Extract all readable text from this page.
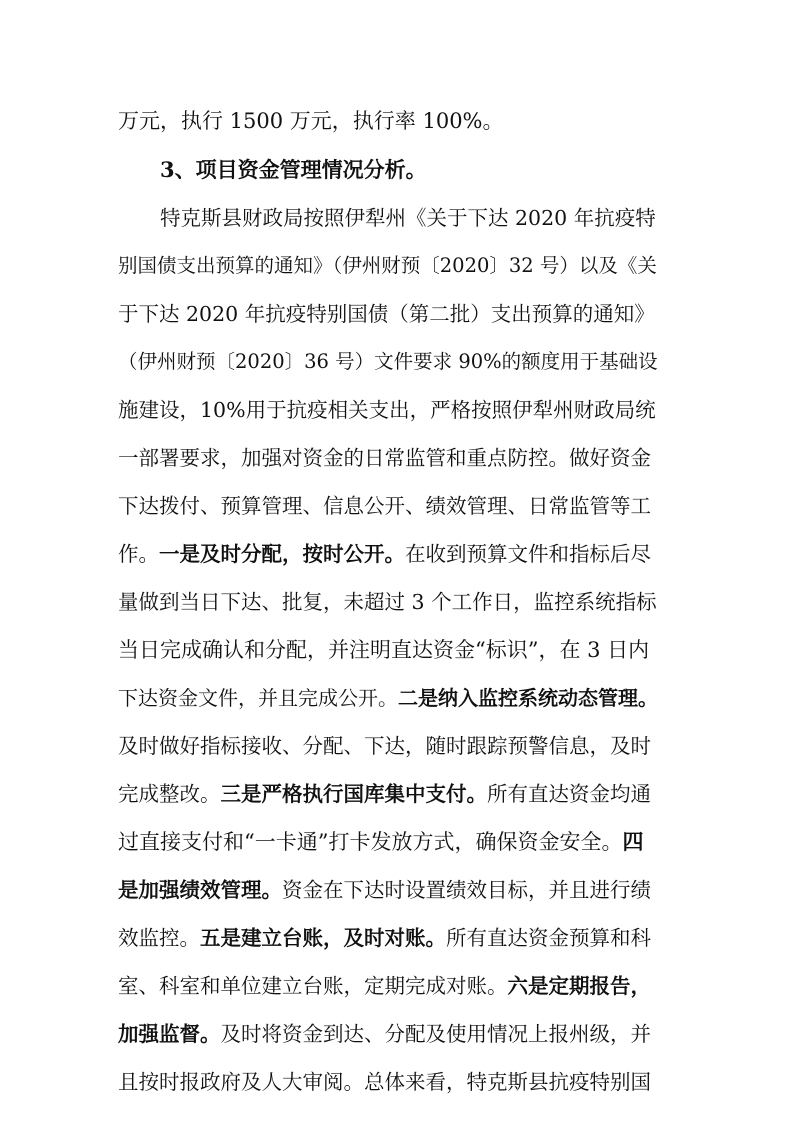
万元，执行 1500 万元，执行率 100%。
3、项目资金管理情况分析。
特克斯县财政局按照伊犁州《关于下达 2020 年抗疫特
别国债支出预算的通知》（伊州财预〔2020〕32 号）以及《关
于下达 2020 年抗疫特别国债（第二批）支出预算的通知》
（伊州财预〔2020〕36 号）文件要求 90%的额度用于基础设
施建设，10%用于抗疫相关支出，严格按照伊犁州财政局统
一部署要求，加强对资金的日常监管和重点防控。做好资金
下达拨付、预算管理、信息公开、绩效管理、日常监管等工
作。一是及时分配，按时公开。在收到预算文件和指标后尽
量做到当日下达、批复，未超过 3 个工作日，监控系统指标
当日完成确认和分配，并注明直达资金“标识”，在 3 日内
下达资金文件，并且完成公开。二是纳入监控系统动态管理。
及时做好指标接收、分配、下达，随时跟踪预警信息，及时
完成整改。三是严格执行国库集中支付。所有直达资金均通
过直接支付和“一卡通”打卡发放方式，确保资金安全。四
是加强绩效管理。资金在下达时设置绩效目标，并且进行绩
效监控。五是建立台账，及时对账。所有直达资金预算和科
室、科室和单位建立台账，定期完成对账。六是定期报告，
加强监督。及时将资金到达、分配及使用情况上报州级，并
且按时报政府及人大审阅。总体来看，特克斯县抗疫特别国
